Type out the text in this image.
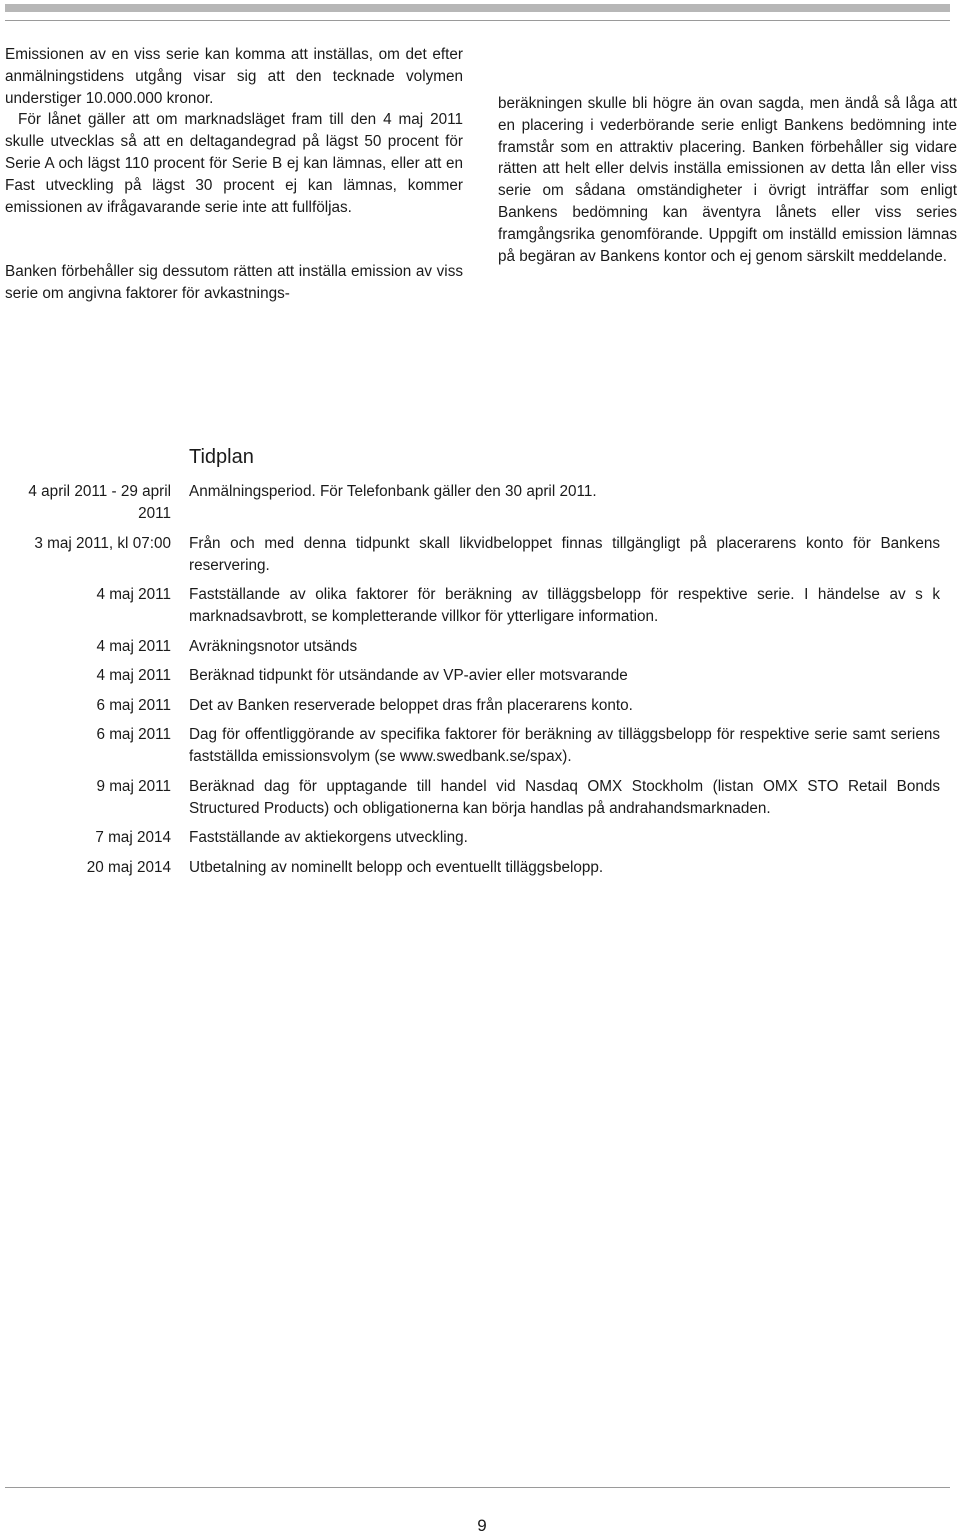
Emissionen av en viss serie kan komma att inställas, om det efter anmälningstidens utgång visar sig att den tecknade volymen understiger 10.000.000 kronor.

För lånet gäller att om marknadsläget fram till den 4 maj 2011 skulle utvecklas så att en deltagandegrad på lägst 50 procent för Serie A och lägst 110 procent för Serie B ej kan lämnas, eller att en Fast utveckling på lägst 30 procent ej kan lämnas, kommer emissionen av ifrågavarande serie inte att fullföljas.

Banken förbehåller sig dessutom rätten att inställa emission av viss serie om angivna faktorer för avkastnings-

beräkningen skulle bli högre än ovan sagda, men ändå så låga att en placering i vederbörande serie enligt Bankens bedömning inte framstår som en attraktiv placering. Banken förbehåller sig vidare rätten att helt eller delvis inställa emissionen av detta lån eller viss serie om sådana omständigheter i övrigt inträffar som enligt Bankens bedömning kan äventyra lånets eller viss series framgångsrika genomförande. Uppgift om inställd emission lämnas på begäran av Bankens kontor och ej genom särskilt meddelande.

Tidplan
4 april 2011 - 29 april 2011
Anmälningsperiod. För Telefonbank gäller den 30 april 2011.
3 maj 2011, kl 07:00 Från och med denna tidpunkt skall likvidbeloppet finnas tillgängligt på placerarens konto för Bankens reservering.
4 maj 2011 Fastställande av olika faktorer för beräkning av tilläggsbelopp för respektive serie. I händelse av s k marknadsavbrott, se kompletterande villkor för ytterligare information.
4 maj 2011 Avräkningsnotor utsänds
4 maj 2011 Beräknad tidpunkt för utsändande av VP-avier eller motsvarande
6 maj 2011 Det av Banken reserverade beloppet dras från placerarens konto.
6 maj 2011 Dag för offentliggörande av specifika faktorer för beräkning av tilläggsbelopp för respektive serie samt seriens fastställda emissionsvolym (se www.swedbank.se/spax).
9 maj 2011 Beräknad dag för upptagande till handel vid Nasdaq OMX Stockholm (listan OMX STO Retail Bonds Structured Products) och obligationerna kan börja handlas på andrahandsmarknaden.
7 maj 2014 Fastställande av aktiekorgens utveckling.
20 maj 2014 Utbetalning av nominellt belopp och eventuellt tilläggsbelopp.
9
